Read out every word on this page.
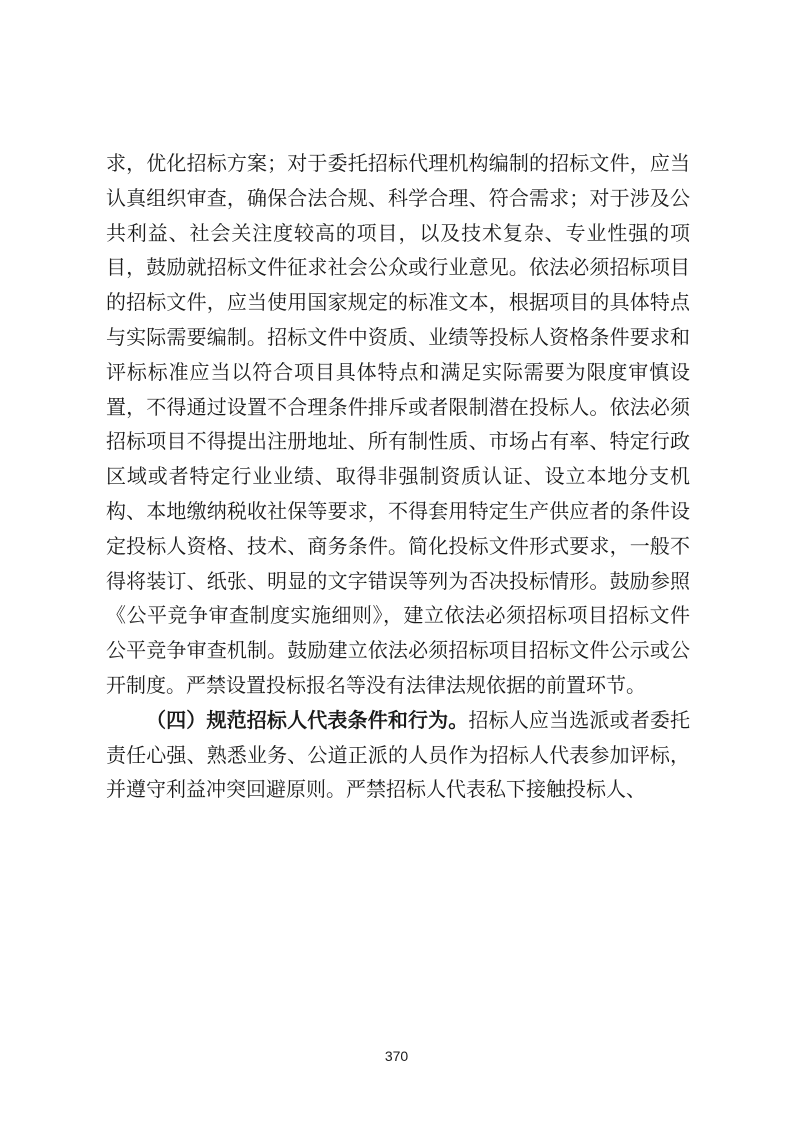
求，优化招标方案；对于委托招标代理机构编制的招标文件，应当认真组织审查，确保合法合规、科学合理、符合需求；对于涉及公共利益、社会关注度较高的项目，以及技术复杂、专业性强的项目，鼓励就招标文件征求社会公众或行业意见。依法必须招标项目的招标文件，应当使用国家规定的标准文本，根据项目的具体特点与实际需要编制。招标文件中资质、业绩等投标人资格条件要求和评标标准应当以符合项目具体特点和满足实际需要为限度审慎设置，不得通过设置不合理条件排斥或者限制潜在投标人。依法必须招标项目不得提出注册地址、所有制性质、市场占有率、特定行政区域或者特定行业业绩、取得非强制资质认证、设立本地分支机构、本地缴纳税收社保等要求，不得套用特定生产供应者的条件设定投标人资格、技术、商务条件。简化投标文件形式要求，一般不得将装订、纸张、明显的文字错误等列为否决投标情形。鼓励参照《公平竞争审查制度实施细则》，建立依法必须招标项目招标文件公平竞争审查机制。鼓励建立依法必须招标项目招标文件公示或公开制度。严禁设置投标报名等没有法律法规依据的前置环节。

（四）规范招标人代表条件和行为。招标人应当选派或者委托责任心强、熟悉业务、公道正派的人员作为招标人代表参加评标，并遵守利益冲突回避原则。严禁招标人代表私下接触投标人、

370
